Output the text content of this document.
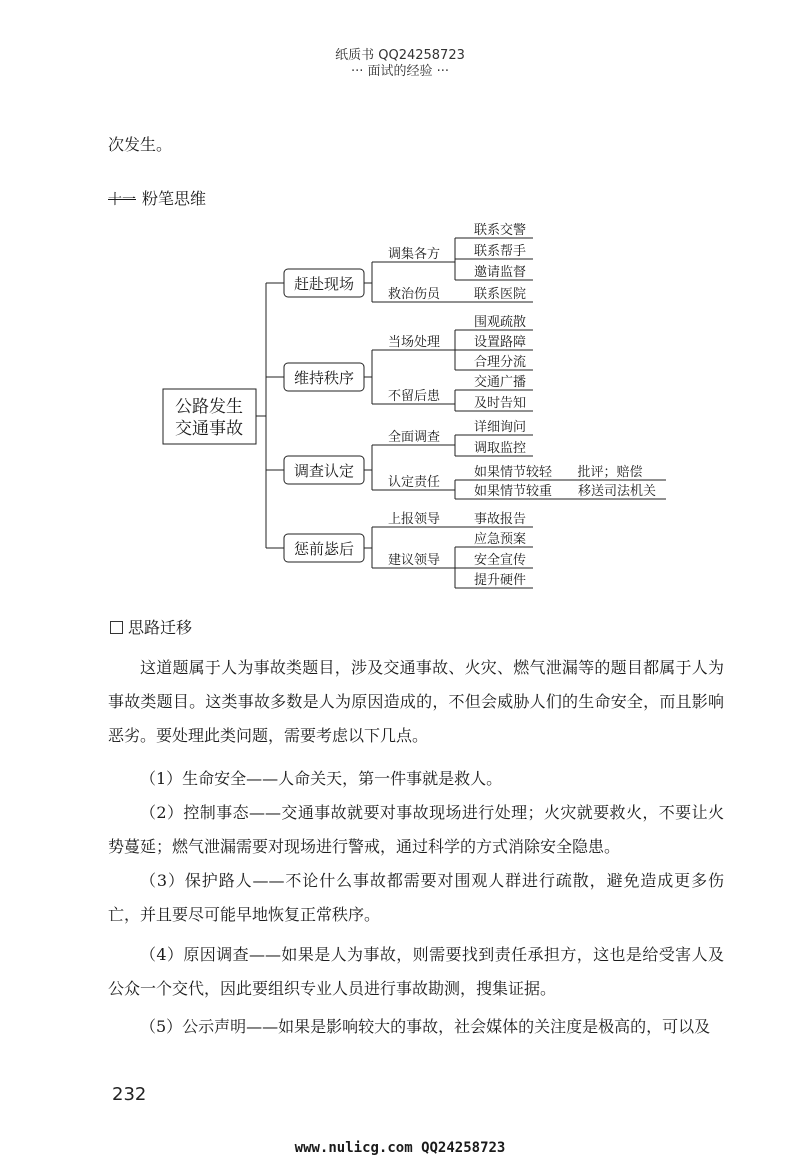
纸质书 QQ24258723
··· 面试的经验 ···
次发生。
十一 粉笔思维
公路发生
交通事故
赶赴现场
维持秩序
调查认定
惩前毖后
调集各方
救治伤员
当场处理
不留后患
全面调查
认定责任
上报领导
建议领导
联系交警
联系帮手
邀请监督
联系医院
围观疏散
设置路障
合理分流
交通广播
及时告知
详细询问
调取监控
如果情节较轻
如果情节较重
批评；赔偿
移送司法机关
事故报告
应急预案
安全宣传
提升硬件
思路迁移
这道题属于人为事故类题目，涉及交通事故、火灾、燃气泄漏等的题目都属于人为事故类题目。这类事故多数是人为原因造成的，不但会威胁人们的生命安全，而且影响恶劣。要处理此类问题，需要考虑以下几点。
（1）生命安全——人命关天，第一件事就是救人。
（2）控制事态——交通事故就要对事故现场进行处理；火灾就要救火，不要让火势蔓延；燃气泄漏需要对现场进行警戒，通过科学的方式消除安全隐患。
（3）保护路人——不论什么事故都需要对围观人群进行疏散，避免造成更多伤亡，并且要尽可能早地恢复正常秩序。
（4）原因调查——如果是人为事故，则需要找到责任承担方，这也是给受害人及公众一个交代，因此要组织专业人员进行事故勘测，搜集证据。
（5）公示声明——如果是影响较大的事故，社会媒体的关注度是极高的，可以及
232
www.nulicg.com QQ24258723
